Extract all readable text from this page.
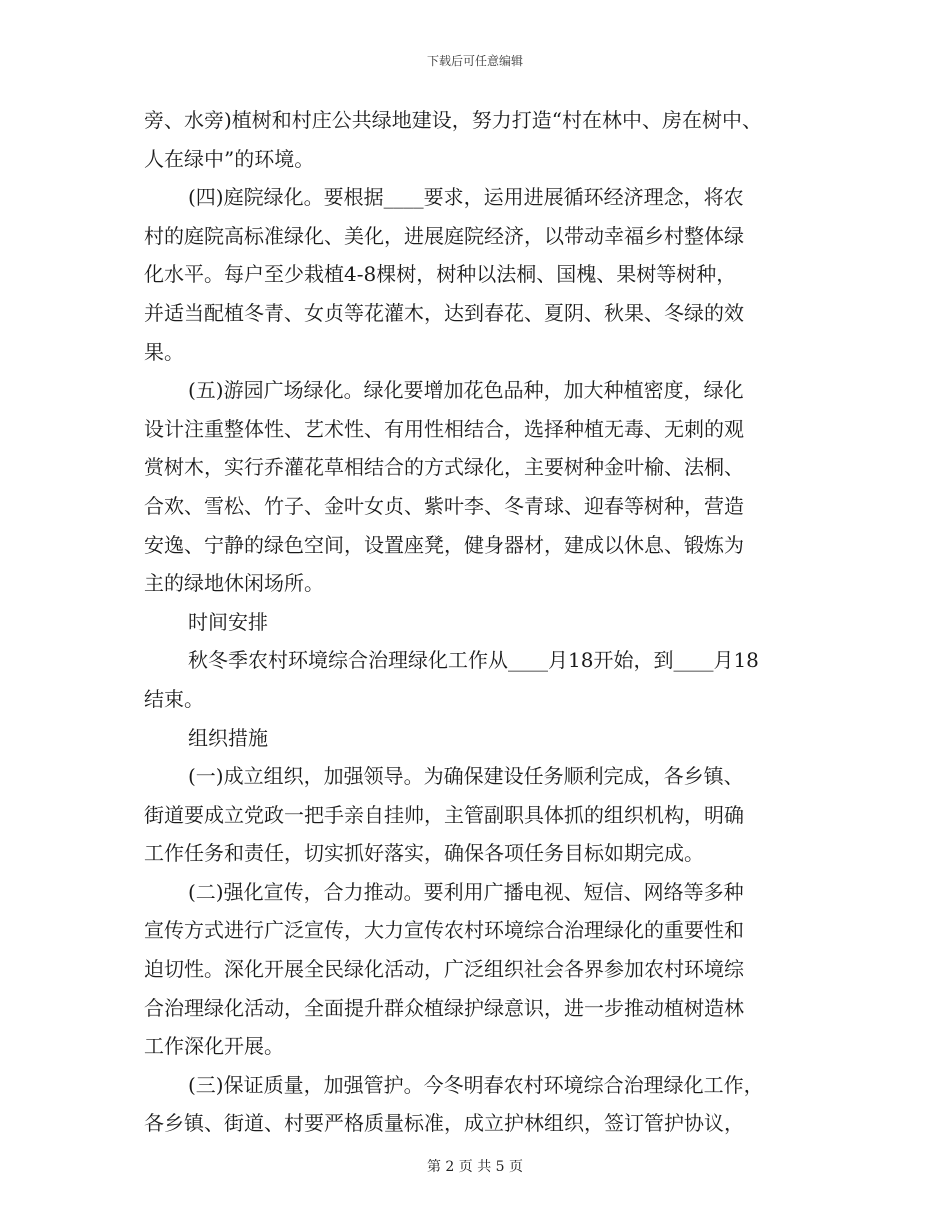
下载后可任意编辑
旁、水旁)植树和村庄公共绿地建设，努力打造“村在林中、房在树中、
人在绿中”的环境。
(四)庭院绿化。要根据____要求，运用进展循环经济理念，将农
村的庭院高标准绿化、美化，进展庭院经济，以带动幸福乡村整体绿
化水平。每户至少栽植4-8棵树，树种以法桐、国槐、果树等树种，
并适当配植冬青、女贞等花灌木，达到春花、夏阴、秋果、冬绿的效
果。
(五)游园广场绿化。绿化要增加花色品种，加大种植密度，绿化
设计注重整体性、艺术性、有用性相结合，选择种植无毒、无刺的观
赏树木，实行乔灌花草相结合的方式绿化，主要树种金叶榆、法桐、
合欢、雪松、竹子、金叶女贞、紫叶李、冬青球、迎春等树种，营造
安逸、宁静的绿色空间，设置座凳，健身器材，建成以休息、锻炼为
主的绿地休闲场所。
时间安排
秋冬季农村环境综合治理绿化工作从____月18开始，到____月18
结束。
组织措施
(一)成立组织，加强领导。为确保建设任务顺利完成，各乡镇、
街道要成立党政一把手亲自挂帅，主管副职具体抓的组织机构，明确
工作任务和责任，切实抓好落实，确保各项任务目标如期完成。
(二)强化宣传，合力推动。要利用广播电视、短信、网络等多种
宣传方式进行广泛宣传，大力宣传农村环境综合治理绿化的重要性和
迫切性。深化开展全民绿化活动，广泛组织社会各界参加农村环境综
合治理绿化活动，全面提升群众植绿护绿意识，进一步推动植树造林
工作深化开展。
(三)保证质量，加强管护。今冬明春农村环境综合治理绿化工作，
各乡镇、街道、村要严格质量标准，成立护林组织，签订管护协议，
第 2 页 共 5 页
